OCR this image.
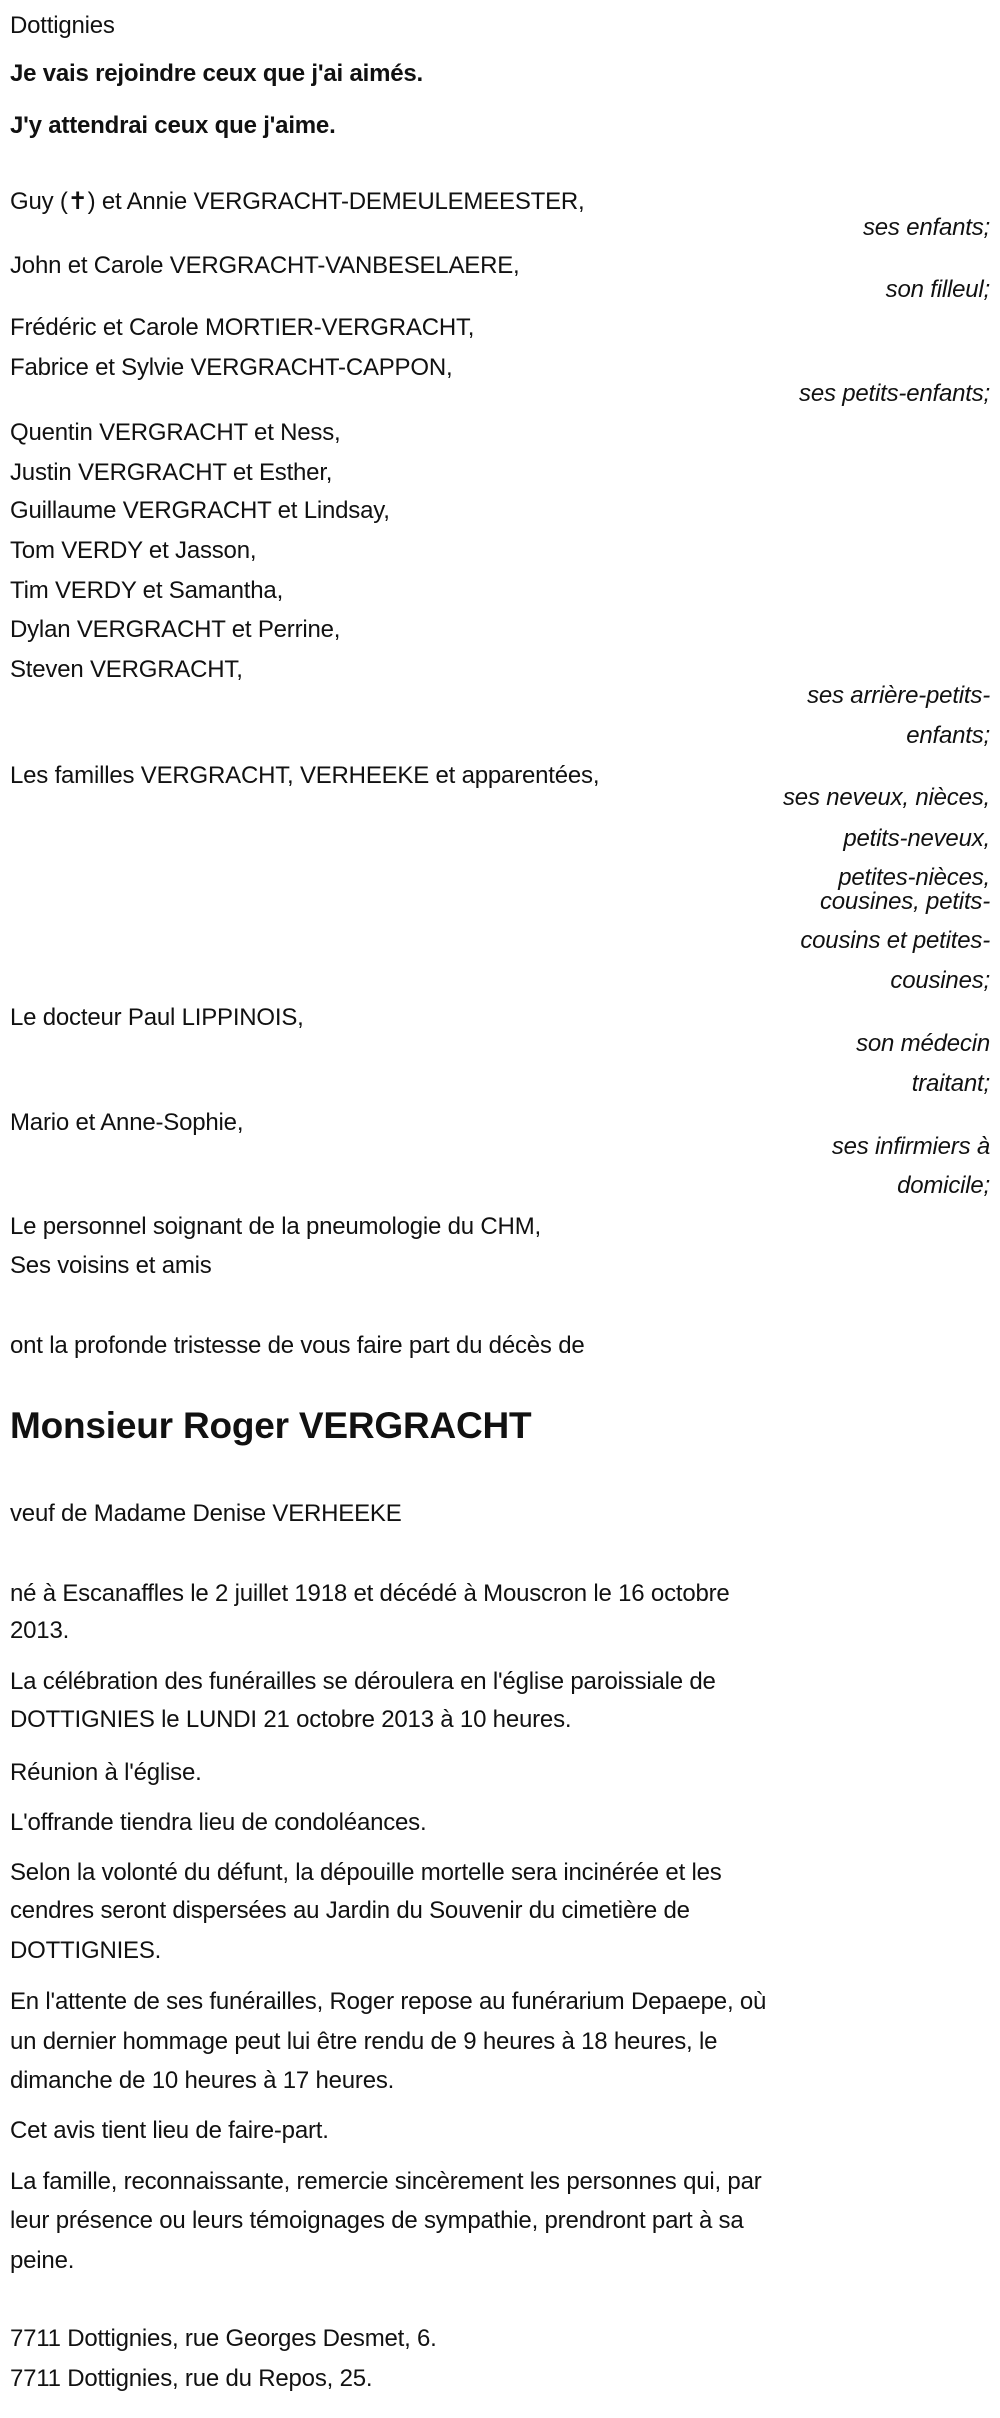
Dottignies
Je vais rejoindre ceux que j'ai aimés.
J'y attendrai ceux que j'aime.
Guy (✝) et Annie VERGRACHT-DEMEULEMEESTER,
ses enfants;
John et Carole VERGRACHT-VANBESELAERE,
son filleul;
Frédéric et Carole MORTIER-VERGRACHT,
Fabrice et Sylvie VERGRACHT-CAPPON,
ses petits-enfants;
Quentin VERGRACHT et Ness,
Justin VERGRACHT et Esther,
Guillaume VERGRACHT et Lindsay,
Tom VERDY et Jasson,
Tim VERDY et Samantha,
Dylan VERGRACHT et Perrine,
Steven VERGRACHT,
ses arrière-petits-
enfants;
Les familles VERGRACHT, VERHEEKE et apparentées,
ses neveux, nièces,
petits-neveux,
petites-nièces,
cousines, petits-
cousins et petites-
cousines;
Le docteur Paul LIPPINOIS,
son médecin
traitant;
Mario et Anne-Sophie,
ses infirmiers à
domicile;
Le personnel soignant de la pneumologie du CHM,
Ses voisins et amis
ont la profonde tristesse de vous faire part du décès de
Monsieur Roger VERGRACHT
veuf de Madame Denise VERHEEKE
né à Escanaffles le 2 juillet 1918 et décédé à Mouscron le 16 octobre
2013.
La célébration des funérailles se déroulera en l'église paroissiale de
DOTTIGNIES le LUNDI 21 octobre 2013 à 10 heures.
Réunion à l'église.
L'offrande tiendra lieu de condoléances.
Selon la volonté du défunt, la dépouille mortelle sera incinérée et les
cendres seront dispersées au Jardin du Souvenir du cimetière de
DOTTIGNIES.
En l'attente de ses funérailles, Roger repose au funérarium Depaepe, où
un dernier hommage peut lui être rendu de 9 heures à 18 heures, le
dimanche de 10 heures à 17 heures.
Cet avis tient lieu de faire-part.
La famille, reconnaissante, remercie sincèrement les personnes qui, par
leur présence ou leurs témoignages de sympathie, prendront part à sa
peine.
7711 Dottignies, rue Georges Desmet, 6.
7711 Dottignies, rue du Repos, 25.
